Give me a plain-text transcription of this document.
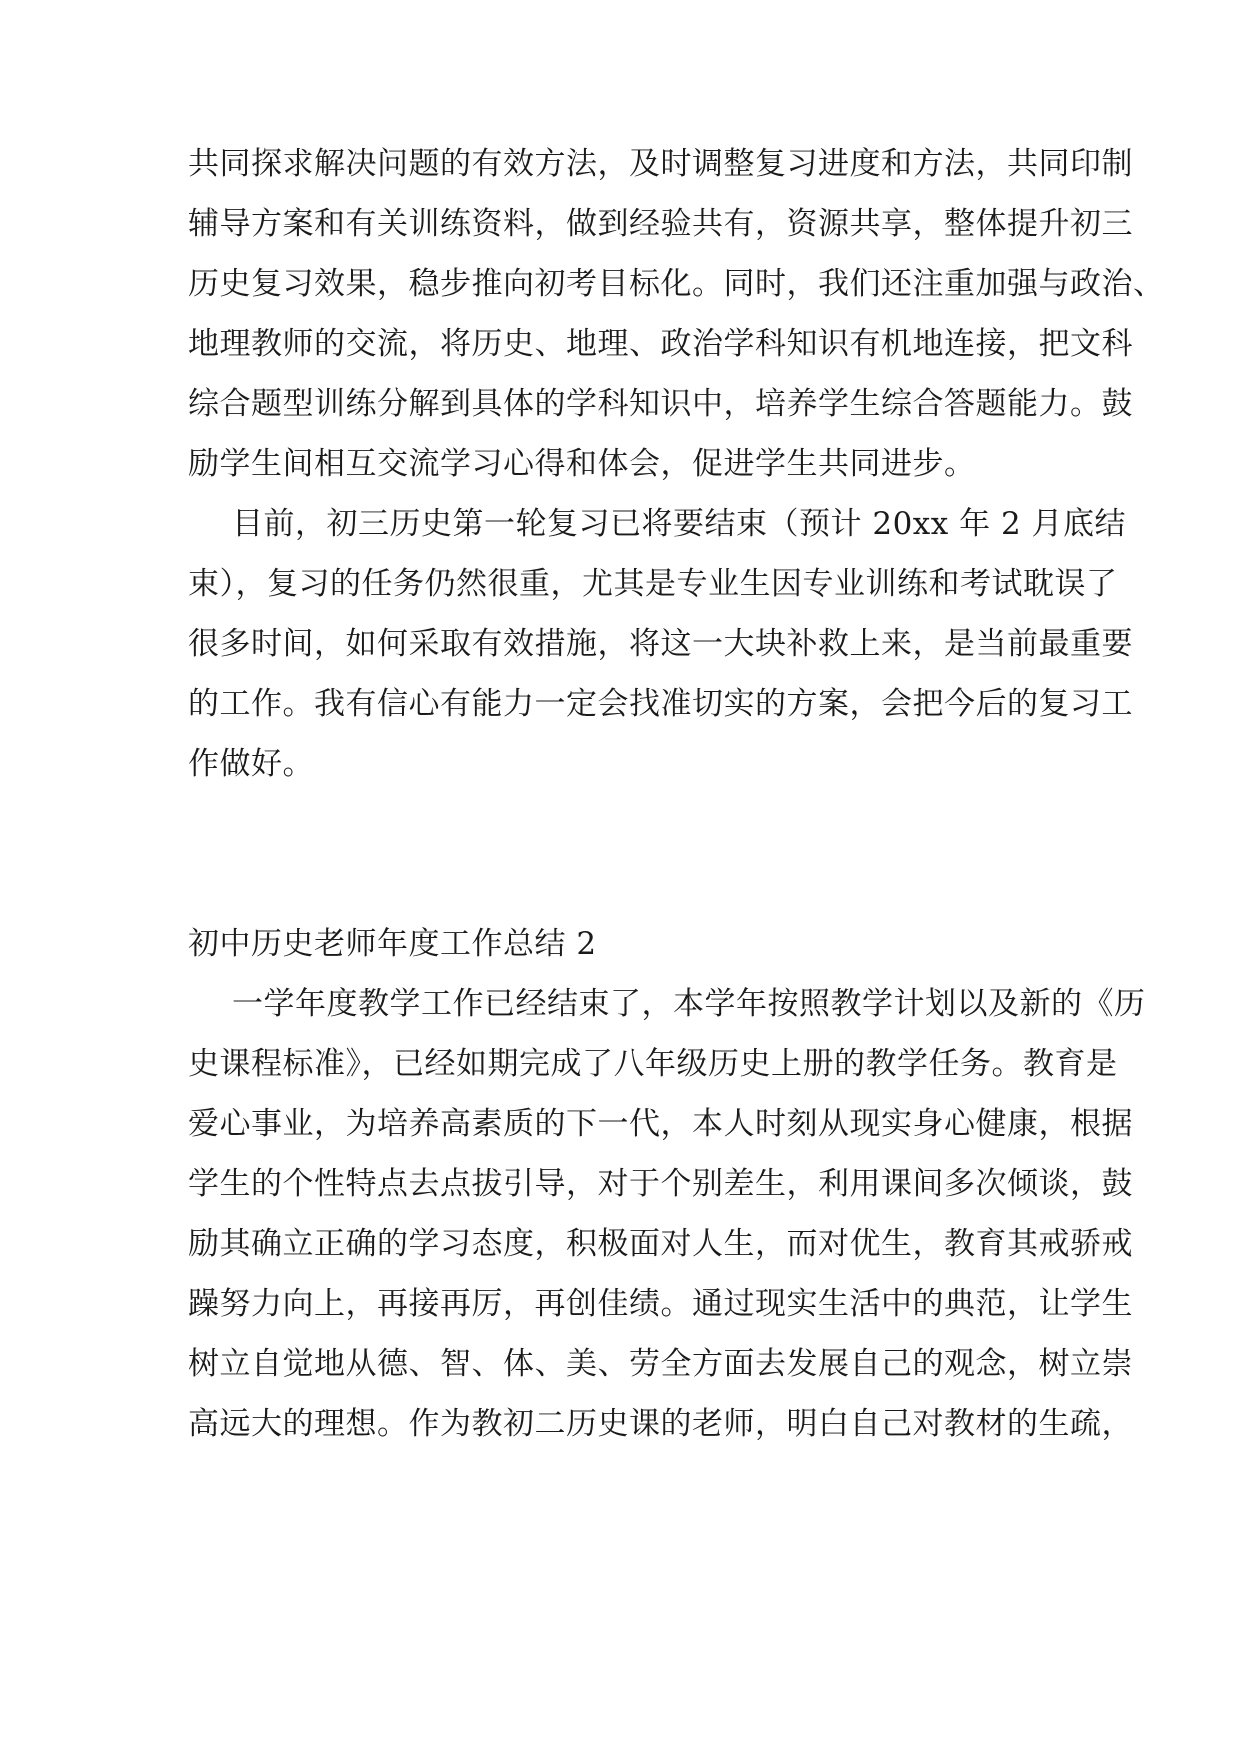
共同探求解决问题的有效方法，及时调整复习进度和方法，共同印制
辅导方案和有关训练资料，做到经验共有，资源共享，整体提升初三
历史复习效果，稳步推向初考目标化。同时，我们还注重加强与政治、
地理教师的交流，将历史、地理、政治学科知识有机地连接，把文科
综合题型训练分解到具体的学科知识中，培养学生综合答题能力。鼓
励学生间相互交流学习心得和体会，促进学生共同进步。
目前，初三历史第一轮复习已将要结束（预计 20xx 年 2 月底结
束），复习的任务仍然很重，尤其是专业生因专业训练和考试耽误了
很多时间，如何采取有效措施，将这一大块补救上来，是当前最重要
的工作。我有信心有能力一定会找准切实的方案，会把今后的复习工
作做好。
初中历史老师年度工作总结 2
一学年度教学工作已经结束了，本学年按照教学计划以及新的《历
史课程标准》，已经如期完成了八年级历史上册的教学任务。教育是
爱心事业，为培养高素质的下一代，本人时刻从现实身心健康，根据
学生的个性特点去点拔引导，对于个别差生，利用课间多次倾谈，鼓
励其确立正确的学习态度，积极面对人生，而对优生，教育其戒骄戒
躁努力向上，再接再厉，再创佳绩。通过现实生活中的典范，让学生
树立自觉地从德、智、体、美、劳全方面去发展自己的观念，树立崇
高远大的理想。作为教初二历史课的老师，明白自己对教材的生疏，
